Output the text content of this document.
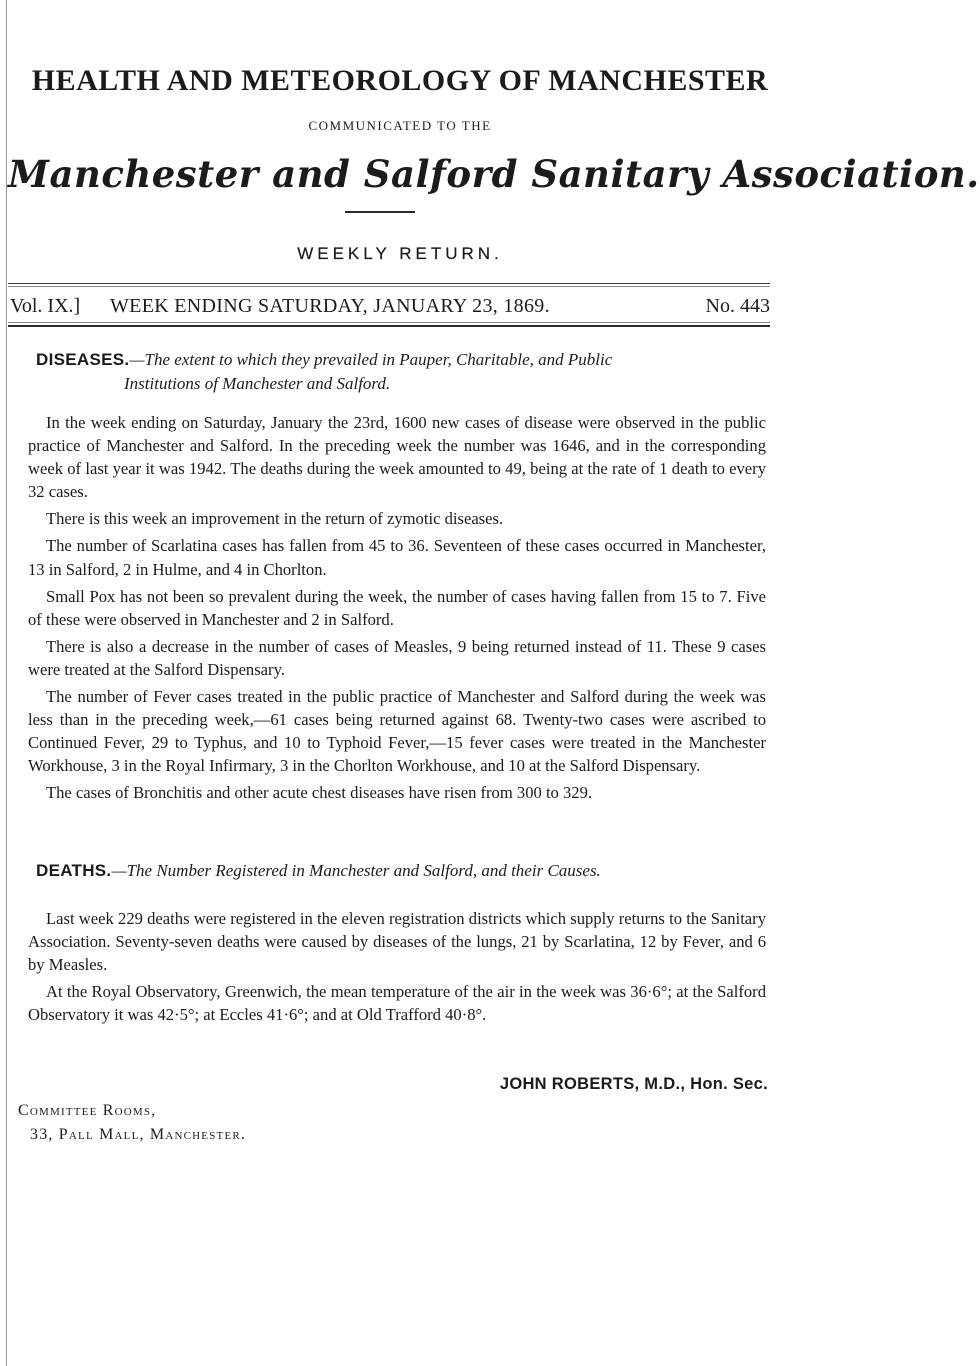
HEALTH AND METEOROLOGY OF MANCHESTER
COMMUNICATED TO THE
Manchester and Salford Sanitary Association.
WEEKLY RETURN.
Vol. IX.] WEEK ENDING SATURDAY, JANUARY 23, 1869.	No. 443
DISEASES.—The extent to which they prevailed in Pauper, Charitable, and Public
Institutions of Manchester and Salford.

In the week ending on Saturday, January the 23rd, 1600 new cases of disease were observed in the public practice of Manchester and Salford. In the preceding week the number was 1646, and in the corresponding week of last year it was 1942. The deaths during the week amounted to 49, being at the rate of 1 death to every 32 cases.

There is this week an improvement in the return of zymotic diseases.

The number of Scarlatina cases has fallen from 45 to 36. Seventeen of these cases occurred in Manchester, 13 in Salford, 2 in Hulme, and 4 in Chorlton.

Small Pox has not been so prevalent during the week, the number of cases having fallen from 15 to 7. Five of these were observed in Manchester and 2 in Salford.

There is also a decrease in the number of cases of Measles, 9 being returned instead of 11. These 9 cases were treated at the Salford Dispensary.

The number of Fever cases treated in the public practice of Manchester and Salford during the week was less than in the preceding week,—61 cases being returned against 68. Twenty-two cases were ascribed to Continued Fever, 29 to Typhus, and 10 to Typhoid Fever,—15 fever cases were treated in the Manchester Workhouse, 3 in the Royal Infirmary, 3 in the Chorlton Workhouse, and 10 at the Salford Dispensary.

The cases of Bronchitis and other acute chest diseases have risen from 300 to 329.

DEATHS.—The Number Registered in Manchester and Salford, and their Causes.

Last week 229 deaths were registered in the eleven registration districts which supply returns to the Sanitary Association. Seventy-seven deaths were caused by diseases of the lungs, 21 by Scarlatina, 12 by Fever, and 6 by Measles.

At the Royal Observatory, Greenwich, the mean temperature of the air in the week was 36·6°; at the Salford Observatory it was 42·5°; at Eccles 41·6°; and at Old Trafford 40·8°.

JOHN ROBERTS, M.D., Hon. Sec.
Committee Rooms,
33, Pall Mall, Manchester.
